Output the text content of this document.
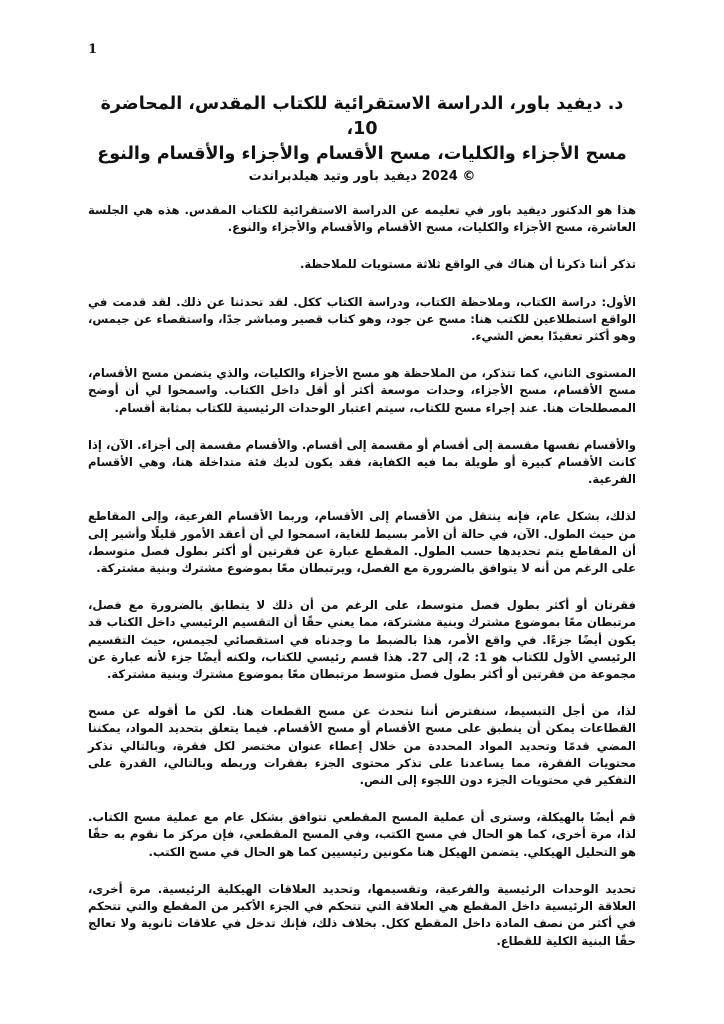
1
د. ديفيد باور، الدراسة الاستقرائية للكتاب المقدس، المحاضرة 10،
مسح الأجزاء والكليات، مسح الأقسام والأجزاء والأقسام والنوع
© 2024 ديفيد باور وتيد هيلدبراندت

هذا هو الدكتور ديفيد باور في تعليمه عن الدراسة الاستقرائية للكتاب المقدس. هذه هي الجلسة العاشرة، مسح الأجزاء والكليات، مسح الأقسام والأقسام والأجزاء والنوع.

تذكر أننا ذكرنا أن هناك في الواقع ثلاثة مستويات للملاحظة.

الأول: دراسة الكتاب، وملاحظة الكتاب، ودراسة الكتاب ككل. لقد تحدثنا عن ذلك. لقد قدمت في الواقع استطلاعين للكتب هنا: مسح عن جود، وهو كتاب قصير ومباشر جدًا، واستقصاء عن جيمس، وهو أكثر تعقيدًا بعض الشيء.

المستوى الثاني، كما تتذكر، من الملاحظة هو مسح الأجزاء والكليات، والذي يتضمن مسح الأقسام، مسح الأقسام، مسح الأجزاء، وحدات موسعة أكثر أو أقل داخل الكتاب. واسمحوا لي أن أوضح المصطلحات هنا. عند إجراء مسح للكتاب، سيتم اعتبار الوحدات الرئيسية للكتاب بمثابة أقسام.

والأقسام نفسها مقسمة إلى أقسام أو مقسمة إلى أقسام. والأقسام مقسمة إلى أجزاء. الآن، إذا كانت الأقسام كبيرة أو طويلة بما فيه الكفاية، فقد يكون لديك فئة متداخلة هنا، وهي الأقسام الفرعية.

لذلك، بشكل عام، فإنه ينتقل من الأقسام إلى الأقسام، وربما الأقسام الفرعية، وإلى المقاطع من حيث الطول. الآن، في حالة أن الأمر بسيط للغاية، اسمحوا لي أن أعقد الأمور قليلًا وأشير إلى أن المقاطع يتم تحديدها حسب الطول. المقطع عبارة عن فقرتين أو أكثر بطول فصل متوسط، على الرغم من أنه لا يتوافق بالضرورة مع الفصل، ويرتبطان معًا بموضوع مشترك وبنية مشتركة.

فقرتان أو أكثر بطول فصل متوسط، على الرغم من أن ذلك لا يتطابق بالضرورة مع فصل، مرتبطان معًا بموضوع مشترك وبنية مشتركة، مما يعني حقًا أن التقسيم الرئيسي داخل الكتاب قد يكون أيضًا جزءًا. في واقع الأمر، هذا بالضبط ما وجدناه في استقصائي لجيمس، حيث التقسيم الرئيسي الأول للكتاب هو 1: 2، إلى 27. هذا قسم رئيسي للكتاب، ولكنه أيضًا جزء لأنه عبارة عن مجموعة من فقرتين أو أكثر بطول فصل متوسط مرتبطان معًا بموضوع مشترك وبنية مشتركة.

لذا، من أجل التبسيط، سنفترض أننا نتحدث عن مسح القطعات هنا. لكن ما أقوله عن مسح القطاعات يمكن أن ينطبق على مسح الأقسام أو مسح الأقسام. فيما يتعلق بتحديد المواد، يمكننا المضي قدمًا وتحديد المواد المحددة من خلال إعطاء عنوان مختصر لكل فقرة، وبالتالي تذكر محتويات الفقرة، مما يساعدنا على تذكر محتوى الجزء بفقرات وربطه وبالتالي، القدرة على التفكير في محتويات الجزء دون اللجوء إلى النص.

قم أيضًا بالهيكلة، وسترى أن عملية المسح المقطعي تتوافق بشكل عام مع عملية مسح الكتاب. لذا، مرة أخرى، كما هو الحال في مسح الكتب، وفي المسح المقطعي، فإن مركز ما نقوم به حقًا هو التحليل الهيكلي. يتضمن الهيكل هنا مكونين رئيسيين كما هو الحال في مسح الكتب.

تحديد الوحدات الرئيسية والفرعية، وتقسيمها، وتحديد العلاقات الهيكلية الرئيسية. مرة أخرى، العلاقة الرئيسية داخل المقطع هي العلاقة التي تتحكم في الجزء الأكبر من المقطع والتي تتحكم في أكثر من نصف المادة داخل المقطع ككل. بخلاف ذلك، فإنك تدخل في علاقات ثانوية ولا تعالج حقًا البنية الكلية للقطاع.
